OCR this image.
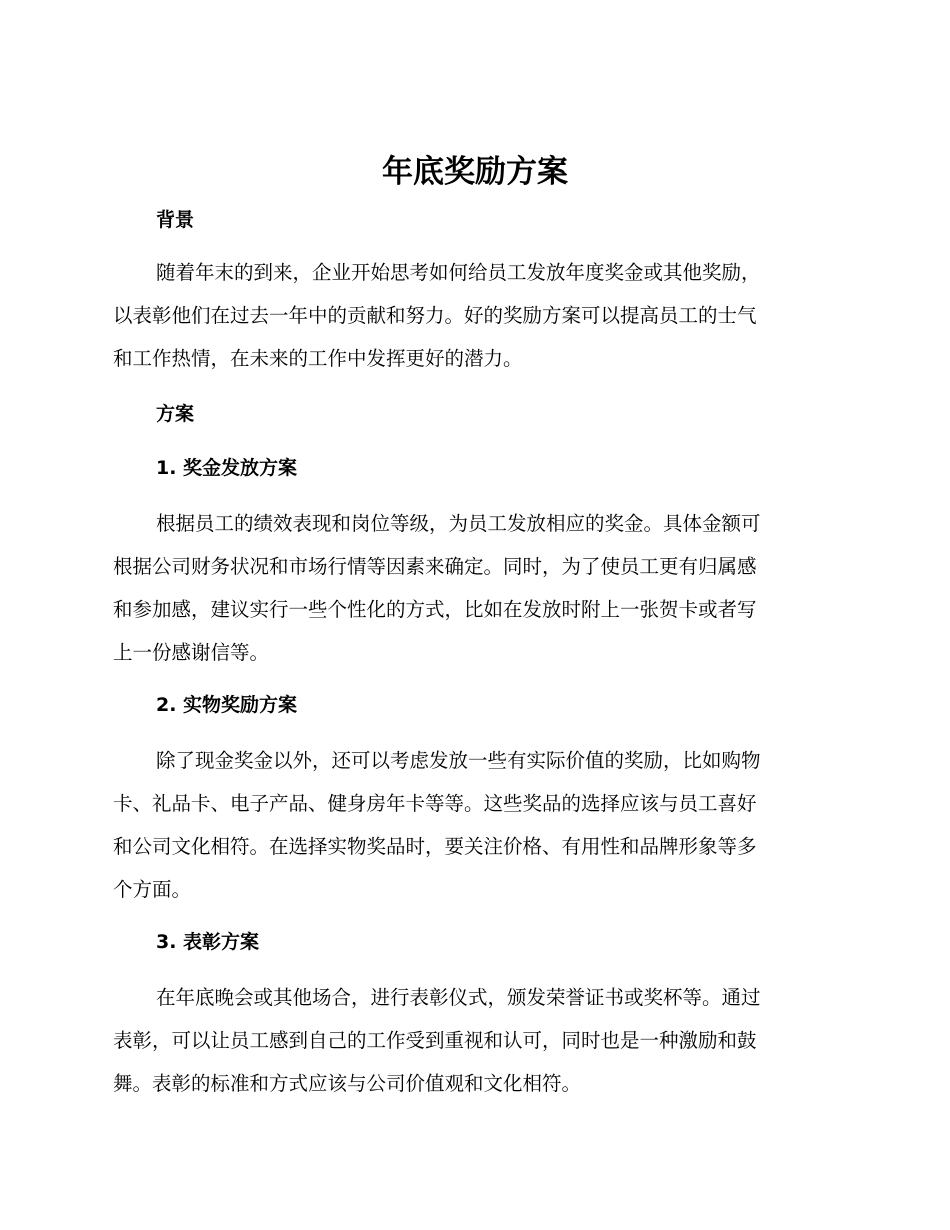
年底奖励方案
背景

随着年末的到来，企业开始思考如何给员工发放年度奖金或其他奖励，
以表彰他们在过去一年中的贡献和努力。好的奖励方案可以提高员工的士气
和工作热情，在未来的工作中发挥更好的潜力。

方案
1. 奖金发放方案

根据员工的绩效表现和岗位等级，为员工发放相应的奖金。具体金额可
根据公司财务状况和市场行情等因素来确定。同时，为了使员工更有归属感
和参加感，建议实行一些个性化的方式，比如在发放时附上一张贺卡或者写
上一份感谢信等。

2. 实物奖励方案

除了现金奖金以外，还可以考虑发放一些有实际价值的奖励，比如购物
卡、礼品卡、电子产品、健身房年卡等等。这些奖品的选择应该与员工喜好
和公司文化相符。在选择实物奖品时，要关注价格、有用性和品牌形象等多
个方面。

3. 表彰方案

在年底晚会或其他场合，进行表彰仪式，颁发荣誉证书或奖杯等。通过
表彰，可以让员工感到自己的工作受到重视和认可，同时也是一种激励和鼓
舞。表彰的标准和方式应该与公司价值观和文化相符。
